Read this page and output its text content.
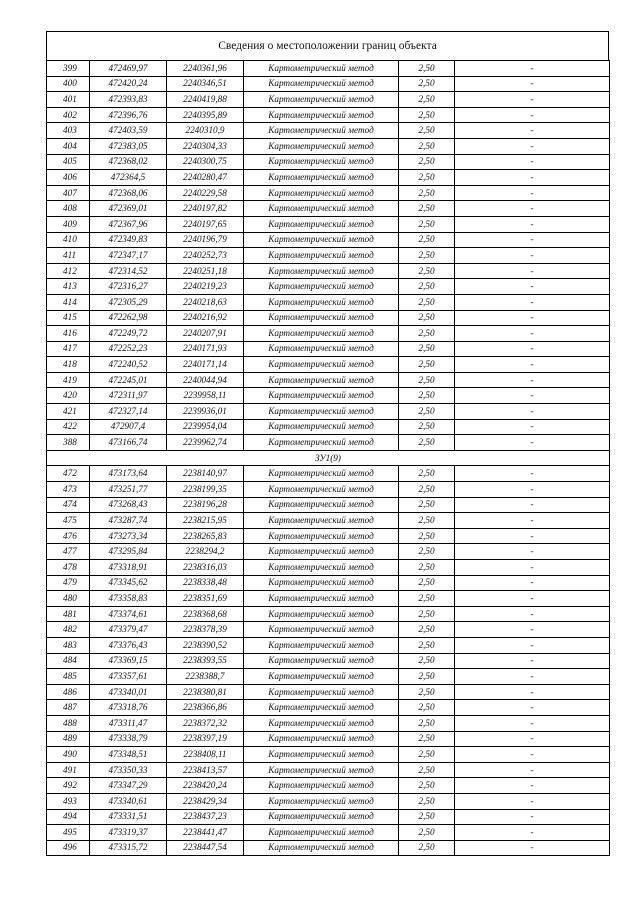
Сведения о местоположении границ объекта
399	472469,97	2240361,96	Картометрический метод	2,50	-
400	472420,24	2240346,51	Картометрический метод	2,50	-
401	472393,83	2240419,88	Картометрический метод	2,50	-
402	472396,76	2240395,89	Картометрический метод	2,50	-
403	472403,59	2240310,9	Картометрический метод	2,50	-
404	472383,05	2240304,33	Картометрический метод	2,50	-
405	472368,02	2240300,75	Картометрический метод	2,50	-
406	472364,5	2240280,47	Картометрический метод	2,50	-
407	472368,06	2240229,58	Картометрический метод	2,50	-
408	472369,01	2240197,82	Картометрический метод	2,50	-
409	472367,96	2240197,65	Картометрический метод	2,50	-
410	472349,83	2240196,79	Картометрический метод	2,50	-
411	472347,17	2240252,73	Картометрический метод	2,50	-
412	472314,52	2240251,18	Картометрический метод	2,50	-
413	472316,27	2240219,23	Картометрический метод	2,50	-
414	472305,29	2240218,63	Картометрический метод	2,50	-
415	472262,98	2240216,92	Картометрический метод	2,50	-
416	472249,72	2240207,91	Картометрический метод	2,50	-
417	472252,23	2240171,93	Картометрический метод	2,50	-
418	472240,52	2240171,14	Картометрический метод	2,50	-
419	472245,01	2240044,94	Картометрический метод	2,50	-
420	472311,97	2239958,11	Картометрический метод	2,50	-
421	472327,14	2239936,01	Картометрический метод	2,50	-
422	472907,4	2239954,04	Картометрический метод	2,50	-
388	473166,74	2239962,74	Картометрический метод	2,50	-
ЗУ1(9)					
472	473173,64	2238140,97	Картометрический метод	2,50	-
473	473251,77	2238199,35	Картометрический метод	2,50	-
474	473268,43	2238196,28	Картометрический метод	2,50	-
475	473287,74	2238215,95	Картометрический метод	2,50	-
476	473273,34	2238265,83	Картометрический метод	2,50	-
477	473295,84	2238294,2	Картометрический метод	2,50	-
478	473318,91	2238316,03	Картометрический метод	2,50	-
479	473345,62	2238338,48	Картометрический метод	2,50	-
480	473358,83	2238351,69	Картометрический метод	2,50	-
481	473374,61	2238368,68	Картометрический метод	2,50	-
482	473379,47	2238378,39	Картометрический метод	2,50	-
483	473376,43	2238390,52	Картометрический метод	2,50	-
484	473369,15	2238393,55	Картометрический метод	2,50	-
485	473357,61	2238388,7	Картометрический метод	2,50	-
486	473340,01	2238380,81	Картометрический метод	2,50	-
487	473318,76	2238366,86	Картометрический метод	2,50	-
488	473311,47	2238372,32	Картометрический метод	2,50	-
489	473338,79	2238397,19	Картометрический метод	2,50	-
490	473348,51	2238408,11	Картометрический метод	2,50	-
491	473350,33	2238413,57	Картометрический метод	2,50	-
492	473347,29	2238420,24	Картометрический метод	2,50	-
493	473340,61	2238429,34	Картометрический метод	2,50	-
494	473331,51	2238437,23	Картометрический метод	2,50	-
495	473319,37	2238441,47	Картометрический метод	2,50	-
496	473315,72	2238447,54	Картометрический метод	2,50	-
